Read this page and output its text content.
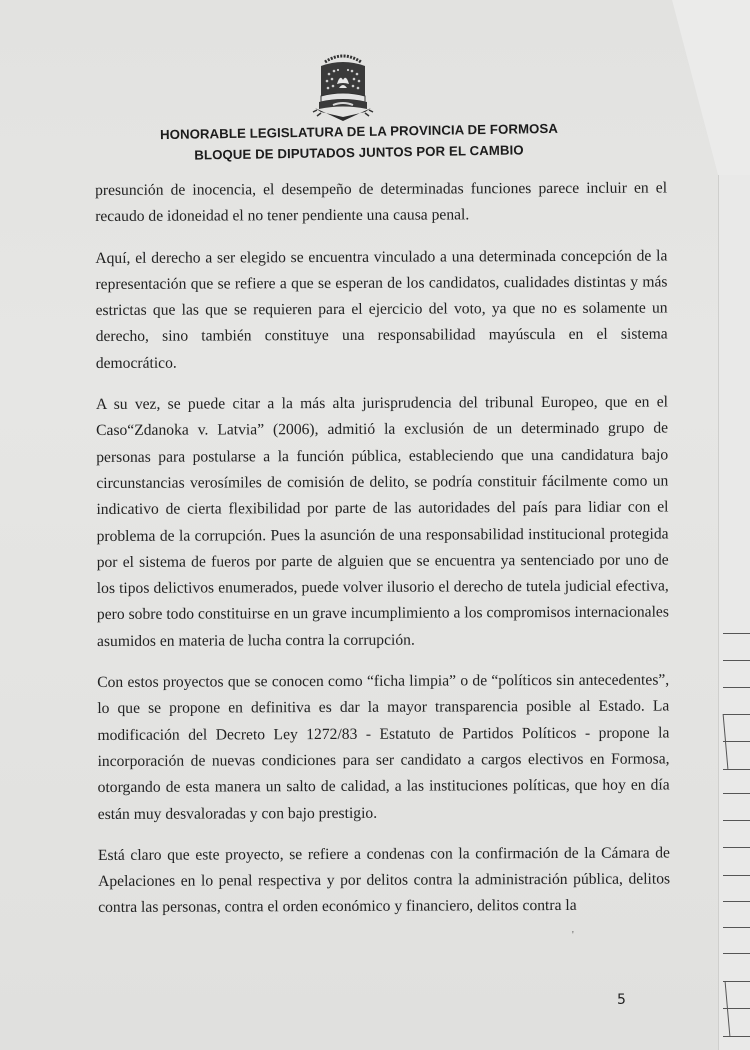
HONORABLE LEGISLATURA DE LA PROVINCIA DE FORMOSA
BLOQUE DE DIPUTADOS JUNTOS POR EL CAMBIO

presunción de inocencia, el desempeño de determinadas funciones parece incluir en el recaudo de idoneidad el no tener pendiente una causa penal.

Aquí, el derecho a ser elegido se encuentra vinculado a una determinada concepción de la representación que se refiere a que se esperan de los candidatos, cualidades distintas y más estrictas que las que se requieren para el ejercicio del voto, ya que no es solamente un derecho, sino también constituye una responsabilidad mayúscula en el sistema democrático.

A su vez, se puede citar a la más alta jurisprudencia del tribunal Europeo, que en el Caso“Zdanoka v. Latvia” (2006), admitió la exclusión de un determinado grupo de personas para postularse a la función pública, estableciendo que una candidatura bajo circunstancias verosímiles de comisión de delito, se podría constituir fácilmente como un indicativo de cierta flexibilidad por parte de las autoridades del país para lidiar con el problema de la corrupción. Pues la asunción de una responsabilidad institucional protegida por el sistema de fueros por parte de alguien que se encuentra ya sentenciado por uno de los tipos delictivos enumerados, puede volver ilusorio el derecho de tutela judicial efectiva, pero sobre todo constituirse en un grave incumplimiento a los compromisos internacionales asumidos en materia de lucha contra la corrupción.

Con estos proyectos que se conocen como “ficha limpia” o de “políticos sin antecedentes”, lo que se propone en definitiva es dar la mayor transparencia posible al Estado. La modificación del Decreto Ley 1272/83 - Estatuto de Partidos Políticos - propone la incorporación de nuevas condiciones para ser candidato a cargos electivos en Formosa, otorgando de esta manera un salto de calidad, a las instituciones políticas, que hoy en día están muy desvaloradas y con bajo prestigio.

Está claro que este proyecto, se refiere a condenas con la confirmación de la Cámara de Apelaciones en lo penal respectiva y por delitos contra la administración pública, delitos contra las personas, contra el orden económico y financiero, delitos contra la

'
5
